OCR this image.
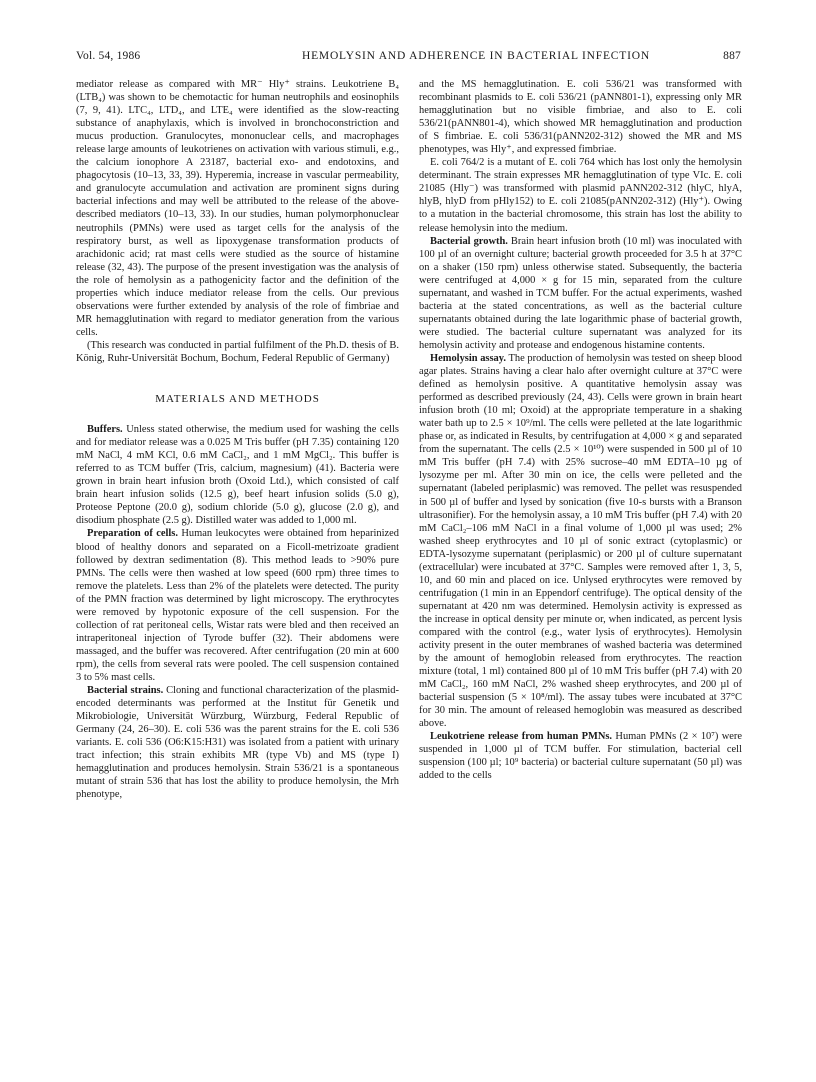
Vol. 54, 1986	HEMOLYSIN AND ADHERENCE IN BACTERIAL INFECTION	887

mediator release as compared with MR⁻ Hly⁺ strains. Leukotriene B₄ (LTB₄) was shown to be chemotactic for human neutrophils and eosinophils (7, 9, 41). LTC₄, LTD₄, and LTE₄ were identified as the slow-reacting substance of anaphylaxis, which is involved in bronchoconstriction and mucus production. Granulocytes, mononuclear cells, and macrophages release large amounts of leukotrienes on activation with various stimuli, e.g., the calcium ionophore A 23187, bacterial exo- and endotoxins, and phagocytosis (10–13, 33, 39). Hyperemia, increase in vascular permeability, and granulocyte accumulation and activation are prominent signs during bacterial infections and may well be attributed to the release of the above-described mediators (10–13, 33). In our studies, human polymorphonuclear neutrophils (PMNs) were used as target cells for the analysis of the respiratory burst, as well as lipoxygenase transformation products of arachidonic acid; rat mast cells were studied as the source of histamine release (32, 43). The purpose of the present investigation was the analysis of the role of hemolysin as a pathogenicity factor and the definition of the properties which induce mediator release from the cells. Our previous observations were further extended by analysis of the role of fimbriae and MR hemagglutination with regard to mediator generation from the various cells.

(This research was conducted in partial fulfilment of the Ph.D. thesis of B. König, Ruhr-Universität Bochum, Bochum, Federal Republic of Germany)

MATERIALS AND METHODS

Buffers. Unless stated otherwise, the medium used for washing the cells and for mediator release was a 0.025 M Tris buffer (pH 7.35) containing 120 mM NaCl, 4 mM KCl, 0.6 mM CaCl₂, and 1 mM MgCl₂. This buffer is referred to as TCM buffer (Tris, calcium, magnesium) (41). Bacteria were grown in brain heart infusion broth (Oxoid Ltd.), which consisted of calf brain heart infusion solids (12.5 g), beef heart infusion solids (5.0 g), Proteose Peptone (20.0 g), sodium chloride (5.0 g), glucose (2.0 g), and disodium phosphate (2.5 g). Distilled water was added to 1,000 ml.

Preparation of cells. Human leukocytes were obtained from heparinized blood of healthy donors and separated on a Ficoll-metrizoate gradient followed by dextran sedimentation (8). This method leads to >90% pure PMNs. The cells were then washed at low speed (600 rpm) three times to remove the platelets. Less than 2% of the platelets were detected. The purity of the PMN fraction was determined by light microscopy. The erythrocytes were removed by hypotonic exposure of the cell suspension. For the collection of rat peritoneal cells, Wistar rats were bled and then received an intraperitoneal injection of Tyrode buffer (32). Their abdomens were massaged, and the buffer was recovered. After centrifugation (20 min at 600 rpm), the cells from several rats were pooled. The cell suspension contained 3 to 5% mast cells.

Bacterial strains. Cloning and functional characterization of the plasmid-encoded determinants was performed at the Institut für Genetik und Mikrobiologie, Universität Würzburg, Würzburg, Federal Republic of Germany (24, 26–30). E. coli 536 was the parent strains for the E. coli 536 variants. E. coli 536 (O6:K15:H31) was isolated from a patient with urinary tract infection; this strain exhibits MR (type Vb) and MS (type I) hemagglutination and produces hemolysin. Strain 536/21 is a spontaneous mutant of strain 536 that has lost the ability to produce hemolysin, the Mrh phenotype,

and the MS hemagglutination. E. coli 536/21 was transformed with recombinant plasmids to E. coli 536/21 (pANN801-1), expressing only MR hemagglutination but no visible fimbriae, and also to E. coli 536/21(pANN801-4), which showed MR hemagglutination and production of S fimbriae. E. coli 536/31(pANN202-312) showed the MR and MS phenotypes, was Hly⁺, and expressed fimbriae.

E. coli 764/2 is a mutant of E. coli 764 which has lost only the hemolysin determinant. The strain expresses MR hemagglutination of type VIc. E. coli 21085 (Hly⁻) was transformed with plasmid pANN202-312 (hlyC, hlyA, hlyB, hlyD from pHly152) to E. coli 21085(pANN202-312) (Hly⁺). Owing to a mutation in the bacterial chromosome, this strain has lost the ability to release hemolysin into the medium.

Bacterial growth. Brain heart infusion broth (10 ml) was inoculated with 100 µl of an overnight culture; bacterial growth proceeded for 3.5 h at 37°C on a shaker (150 rpm) unless otherwise stated. Subsequently, the bacteria were centrifuged at 4,000 × g for 15 min, separated from the culture supernatant, and washed in TCM buffer. For the actual experiments, washed bacteria at the stated concentrations, as well as the bacterial culture supernatants obtained during the late logarithmic phase of bacterial growth, were studied. The bacterial culture supernatant was analyzed for its hemolysin activity and protease and endogenous histamine contents.

Hemolysin assay. The production of hemolysin was tested on sheep blood agar plates. Strains having a clear halo after overnight culture at 37°C were defined as hemolysin positive. A quantitative hemolysin assay was performed as described previously (24, 43). Cells were grown in brain heart infusion broth (10 ml; Oxoid) at the appropriate temperature in a shaking water bath up to 2.5 × 10⁹/ml. The cells were pelleted at the late logarithmic phase or, as indicated in Results, by centrifugation at 4,000 × g and separated from the supernatant. The cells (2.5 × 10¹⁰) were suspended in 500 µl of 10 mM Tris buffer (pH 7.4) with 25% sucrose–40 mM EDTA–10 µg of lysozyme per ml. After 30 min on ice, the cells were pelleted and the supernatant (labeled periplasmic) was removed. The pellet was resuspended in 500 µl of buffer and lysed by sonication (five 10-s bursts with a Branson ultrasonifier). For the hemolysin assay, a 10 mM Tris buffer (pH 7.4) with 20 mM CaCl₂–106 mM NaCl in a final volume of 1,000 µl was used; 2% washed sheep erythrocytes and 10 µl of sonic extract (cytoplasmic) or EDTA-lysozyme supernatant (periplasmic) or 200 µl of culture supernatant (extracellular) were incubated at 37°C. Samples were removed after 1, 3, 5, 10, and 60 min and placed on ice. Unlysed erythrocytes were removed by centrifugation (1 min in an Eppendorf centrifuge). The optical density of the supernatant at 420 nm was determined. Hemolysin activity is expressed as the increase in optical density per minute or, when indicated, as percent lysis compared with the control (e.g., water lysis of erythrocytes). Hemolysin activity present in the outer membranes of washed bacteria was determined by the amount of hemoglobin released from erythrocytes. The reaction mixture (total, 1 ml) contained 800 µl of 10 mM Tris buffer (pH 7.4) with 20 mM CaCl₂, 160 mM NaCl, 2% washed sheep erythrocytes, and 200 µl of bacterial suspension (5 × 10⁸/ml). The assay tubes were incubated at 37°C for 30 min. The amount of released hemoglobin was measured as described above.

Leukotriene release from human PMNs. Human PMNs (2 × 10⁷) were suspended in 1,000 µl of TCM buffer. For stimulation, bacterial cell suspension (100 µl; 10⁹ bacteria) or bacterial culture supernatant (50 µl) was added to the cells
